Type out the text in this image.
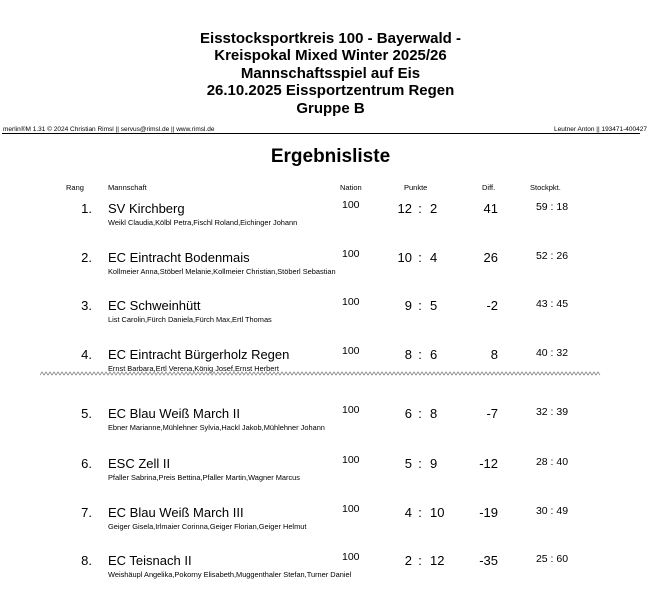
Eisstocksportkreis 100 - Bayerwald -
Kreispokal Mixed Winter 2025/26
Mannschaftsspiel auf Eis
26.10.2025 Eissportzentrum Regen
Gruppe B
merlin®M 1.31 © 2024 Christian Rimsl || servus@rimsl.de || www.rimsl.de	Leutner Anton || 193471-400427
Ergebnisliste
Rang	Mannschaft	Nation	Punkte	Diff.	Stockpkt.
1. SV Kirchberg
Weikl Claudia,Kölbl Petra,Fischl Roland,Eichinger Johann
100	12 : 2	41	59 : 18
2. EC Eintracht Bodenmais
Kollmeier Anna,Stöberl Melanie,Kollmeier Christian,Stöberl Sebastian
100	10 : 4	26	52 : 26
3. EC Schweinhütt
List Carolin,Fürch Daniela,Fürch Max,Ertl Thomas
100	9 : 5	-2	43 : 45
4. EC Eintracht Bürgerholz Regen
Ernst Barbara,Ertl Verena,König Josef,Ernst Herbert
100	8 : 6	8	40 : 32
5. EC Blau Weiß March II
Ebner Marianne,Mühlehner Sylvia,Hackl Jakob,Mühlehner Johann
100	6 : 8	-7	32 : 39
6. ESC Zell II
Pfaller Sabrina,Preis Bettina,Pfaller Martin,Wagner Marcus
100	5 : 9	-12	28 : 40
7. EC Blau Weiß March III
Geiger Gisela,Irlmaier Corinna,Geiger Florian,Geiger Helmut
100	4 : 10	-19	30 : 49
8. EC Teisnach II
Weishäupl Angelika,Pokorny Elisabeth,Muggenthaler Stefan,Turner Daniel
100	2 : 12	-35	25 : 60
